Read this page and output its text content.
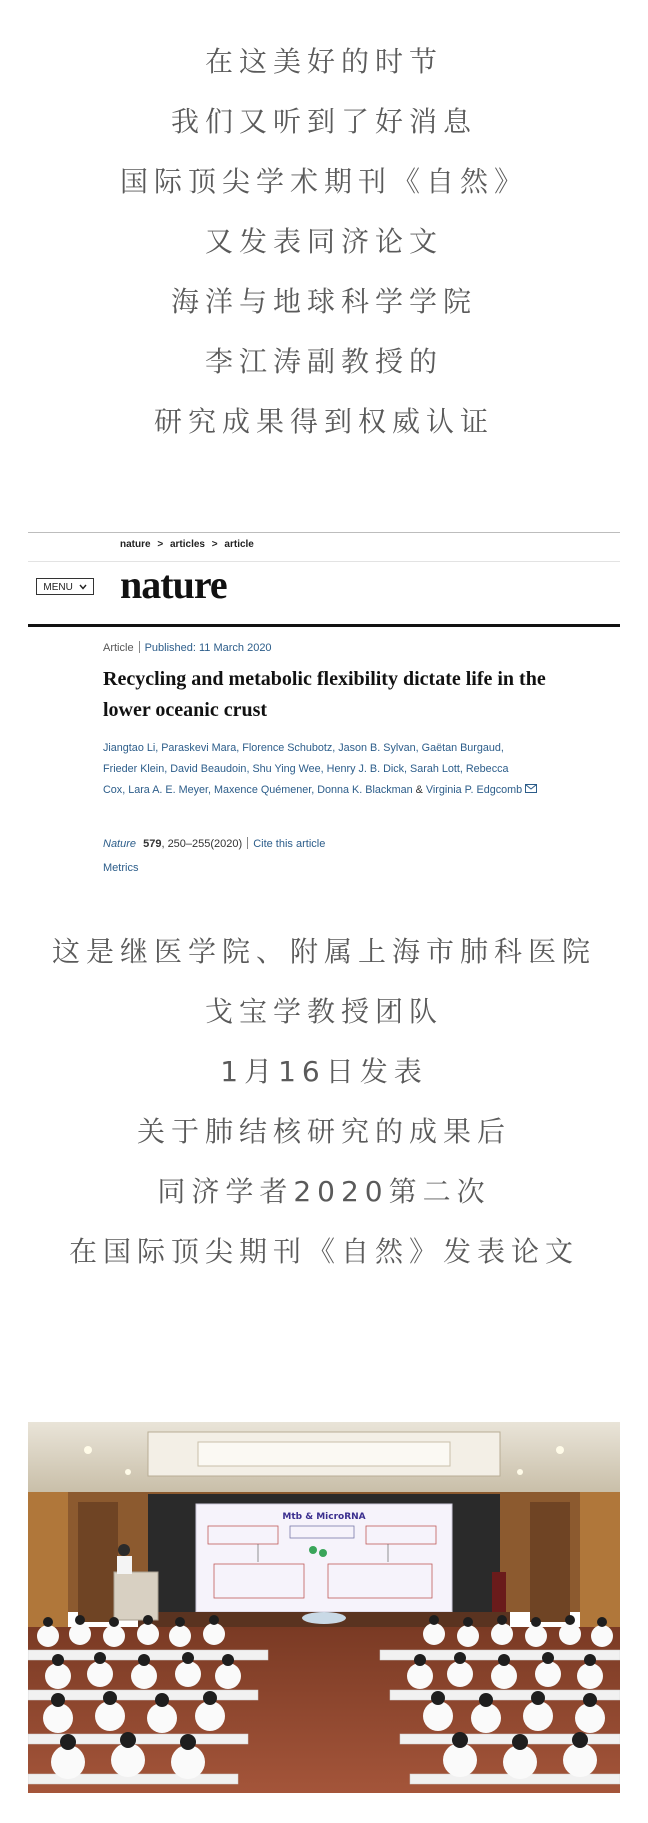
在这美好的时节
我们又听到了好消息
国际顶尖学术期刊《自然》
又发表同济论文
海洋与地球科学学院
李江涛副教授的
研究成果得到权威认证
nature > articles > article
MENU	nature
Article Published: 11 March 2020
Recycling and metabolic flexibility dictate life in the lower oceanic crust
Jiangtao Li, Paraskevi Mara, Florence Schubotz, Jason B. Sylvan, Gaëtan Burgaud,
Frieder Klein, David Beaudoin, Shu Ying Wee, Henry J. B. Dick, Sarah Lott, Rebecca
Cox, Lara A. E. Meyer, Maxence Quémener, Donna K. Blackman & Virginia P. Edgcomb
Nature 579, 250–255(2020) Cite this article
Metrics
这是继医学院、附属上海市肺科医院
戈宝学教授团队
1月16日发表
关于肺结核研究的成果后
同济学者2020第二次
在国际顶尖期刊《自然》发表论文
Mtb & MicroRNA
